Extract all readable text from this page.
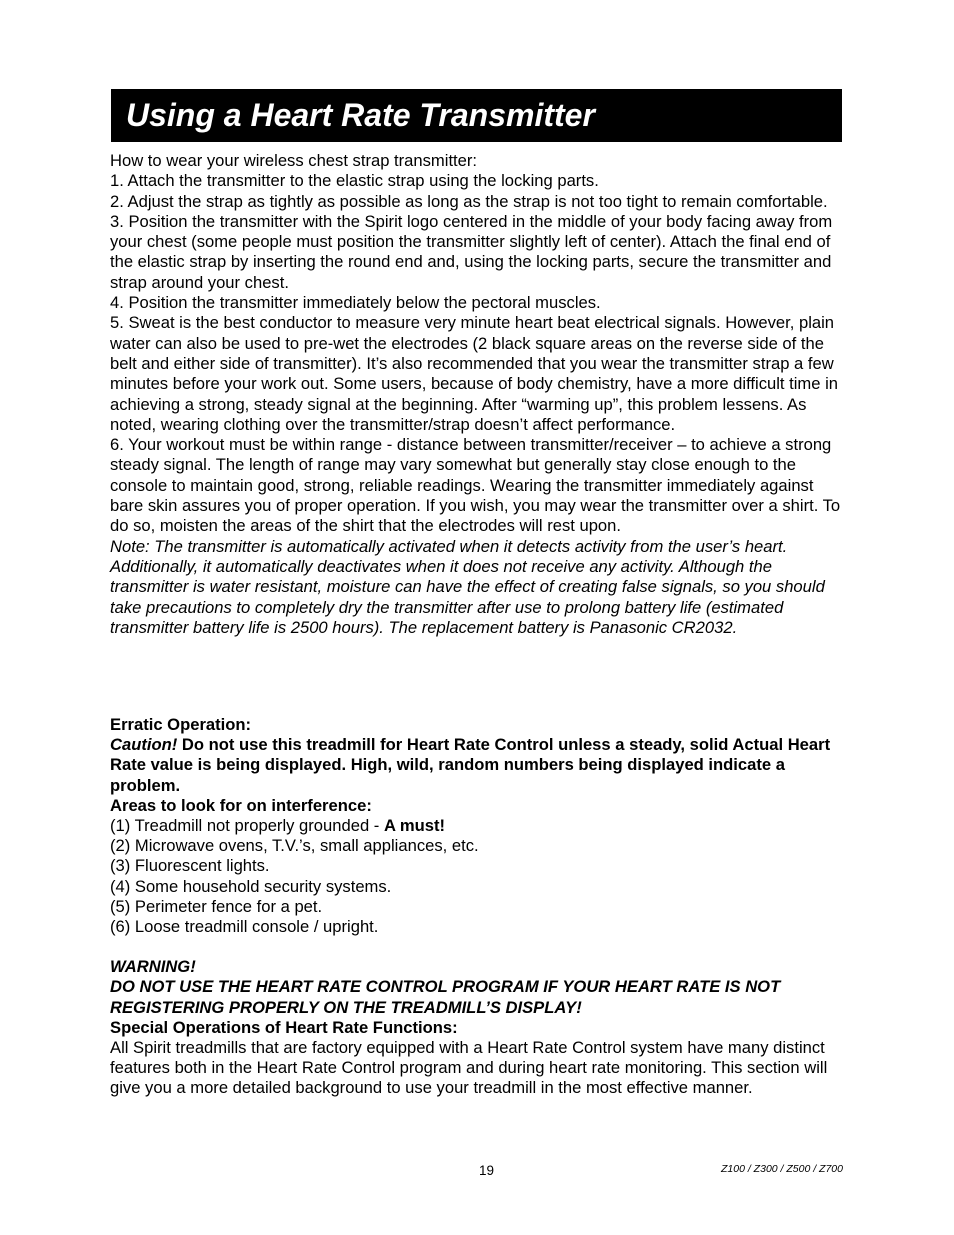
Using a Heart Rate Transmitter

How to wear your wireless chest strap transmitter:

1. Attach the transmitter to the elastic strap using the locking parts.

2. Adjust the strap as tightly as possible as long as the strap is not too tight to remain comfortable.

3. Position the transmitter with the Spirit logo centered in the middle of your body facing away from your chest (some people must position the transmitter slightly left of center). Attach the final end of the elastic strap by inserting the round end and, using the locking parts, secure the transmitter and strap around your chest.

4. Position the transmitter immediately below the pectoral muscles.

5. Sweat is the best conductor to measure very minute heart beat electrical signals. However, plain water can also be used to pre-wet the electrodes (2 black square areas on the reverse side of the belt and either side of transmitter). It’s also recommended that you wear the transmitter strap a few minutes before your work out. Some users, because of body chemistry, have a more difficult time in achieving a strong, steady signal at the beginning. After “warming up”, this problem lessens. As noted, wearing clothing over the transmitter/strap doesn’t affect performance.

6. Your workout must be within range - distance between transmitter/receiver – to achieve a strong steady signal. The length of range may vary somewhat but generally stay close enough to the console to maintain good, strong, reliable readings. Wearing the transmitter immediately against bare skin assures you of proper operation. If you wish, you may wear the transmitter over a shirt. To do so, moisten the areas of the shirt that the electrodes will rest upon.

Note: The transmitter is automatically activated when it detects activity from the user’s heart. Additionally, it automatically deactivates when it does not receive any activity. Although the transmitter is water resistant, moisture can have the effect of creating false signals, so you should take precautions to completely dry the transmitter after use to prolong battery life (estimated transmitter battery life is 2500 hours). The replacement battery is Panasonic CR2032.

Erratic Operation:

Caution! Do not use this treadmill for Heart Rate Control unless a steady, solid Actual Heart Rate value is being displayed. High, wild, random numbers being displayed indicate a problem.

Areas to look for on interference:

(1) Treadmill not properly grounded - A must!

(2) Microwave ovens, T.V.’s, small appliances, etc.

(3) Fluorescent lights.

(4) Some household security systems.

(5) Perimeter fence for a pet.

(6) Loose treadmill console / upright.

WARNING!

DO NOT USE THE HEART RATE CONTROL PROGRAM IF YOUR HEART RATE IS NOT REGISTERING PROPERLY ON THE TREADMILL’S DISPLAY!

Special Operations of Heart Rate Functions:

All Spirit treadmills that are factory equipped with a Heart Rate Control system have many distinct features both in the Heart Rate Control program and during heart rate monitoring. This section will give you a more detailed background to use your treadmill in the most effective manner.

19	Z100 / Z300 / Z500 / Z700
